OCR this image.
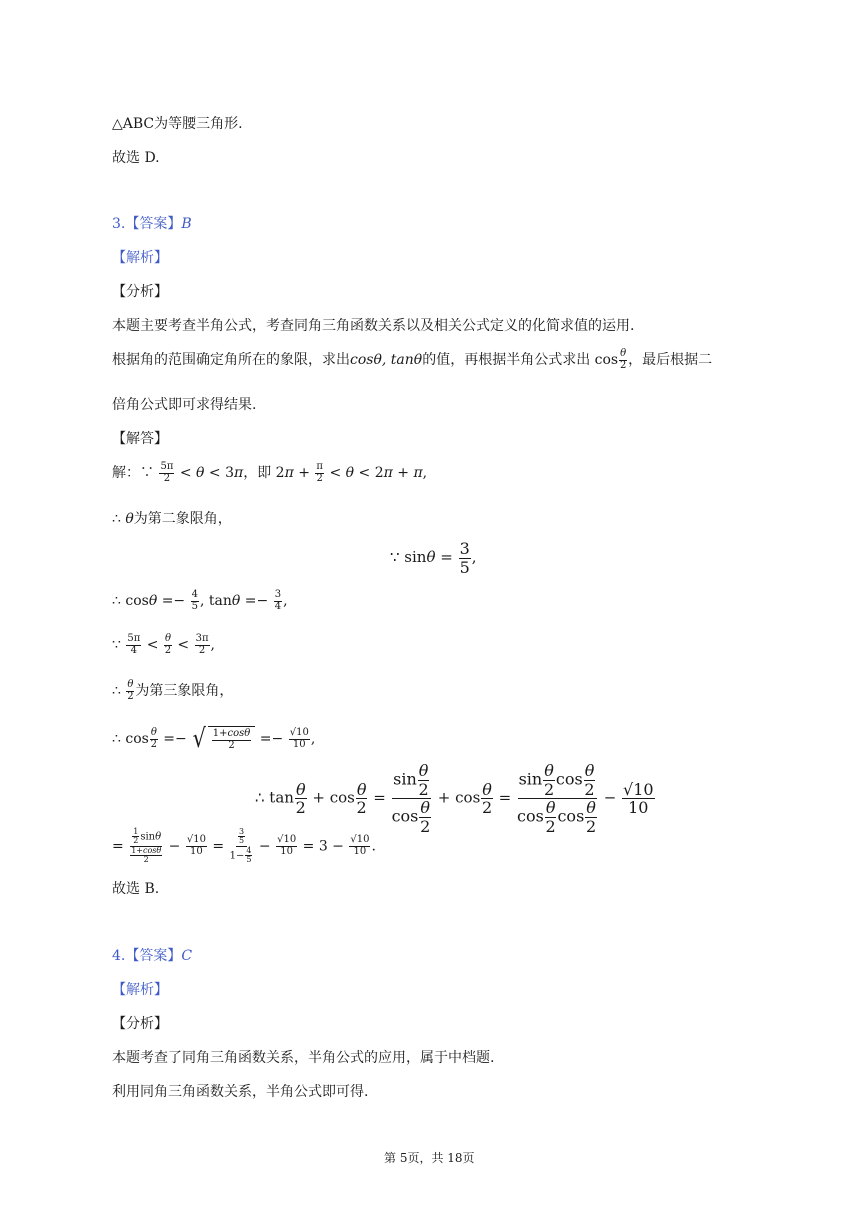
△ABC为等腰三角形.
故选 D.
3.【答案】B
【解析】
【分析】
本题主要考查半角公式，考查同角三角函数关系以及相关公式定义的化简求值的运用.
根据角的范围确定角所在的象限，求出cosθ, tanθ的值，再根据半角公式求出 $\cos \frac{\theta}{2}$ ，最后根据二
倍角公式即可求得结果.
【解答】
解：∵ $\frac{5\pi}{2} < \theta < 3\pi$，即 $2\pi + \frac{\pi}{2} < \theta < 2\pi + \pi$,
∴ θ为第二象限角，
∵ $\sin\theta = \frac{3}{5}$ ,
∴ $\cos\theta =- \frac{4}{5}$ , $\tan\theta =- \frac{3}{4}$ ,
∵ $\frac{5\pi}{4} < \frac{\theta}{2} < \frac{3\pi}{2}$ ,
∴ $\frac{\theta}{2}$ 为第三象限角，
∴ $\cos \frac{\theta}{2}$ =− √ $\frac{1+\cos\theta}{2} =- \frac{√10}{10}$ ,
∴ $\tan \frac{\theta}{2} + \cos \frac{\theta}{2} = \frac{\sin \frac{\theta}{2}}{\cos \frac{\theta}{2}} + \cos \frac{\theta}{2} = \frac{\sin \frac{\theta}{2} \cos \frac{\theta}{2}}{\cos \frac{\theta}{2} \cos \frac{\theta}{2}} - \frac{√10}{10}$
= $\frac{\frac{1}{2} \sin\theta}{\frac{1+\cos\theta}{2}} - \frac{√10}{10} = \frac{\frac{3}{5}}{1- \frac{4}{5}} - \frac{√10}{10} = 3 - \frac{√10}{10}$ .
故选 B.
4.【答案】C
【解析】
【分析】
本题考查了同角三角函数关系，半角公式的应用，属于中档题.
利用同角三角函数关系，半角公式即可得.
第 5页，共 18页
